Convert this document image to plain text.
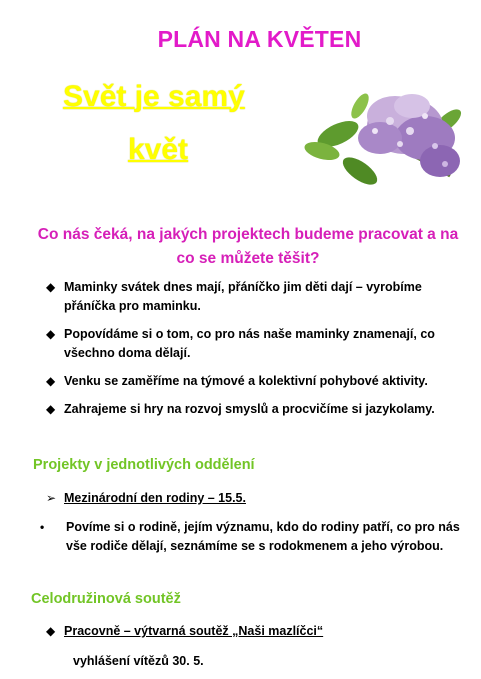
PLÁN NA KVĚTEN
Svět je samý
květ
Co nás čeká, na jakých projektech budeme pracovat a na co se můžete těšit?
◆ Maminky svátek dnes mají, přáníčko jim děti dají – vyrobíme přáníčka pro maminku.
◆ Popovídáme si o tom, co pro nás naše maminky znamenají, co všechno doma dělají.
◆ Venku se zaměříme na týmové a kolektivní pohybové aktivity.
◆ Zahrajeme si hry na rozvoj smyslů a procvičíme si jazykolamy.
Projekty v jednotlivých oddělení
➢ Mezinárodní den rodiny – 15.5.
• Povíme si o rodině, jejím významu, kdo do rodiny patří, co pro nás vše rodiče dělají, seznámíme se s rodokmenem a jeho výrobou.
Celodružinová soutěž
◆ Pracovně – výtvarná soutěž „Naši mazlíčci“
vyhlášení vítězů 30. 5.
